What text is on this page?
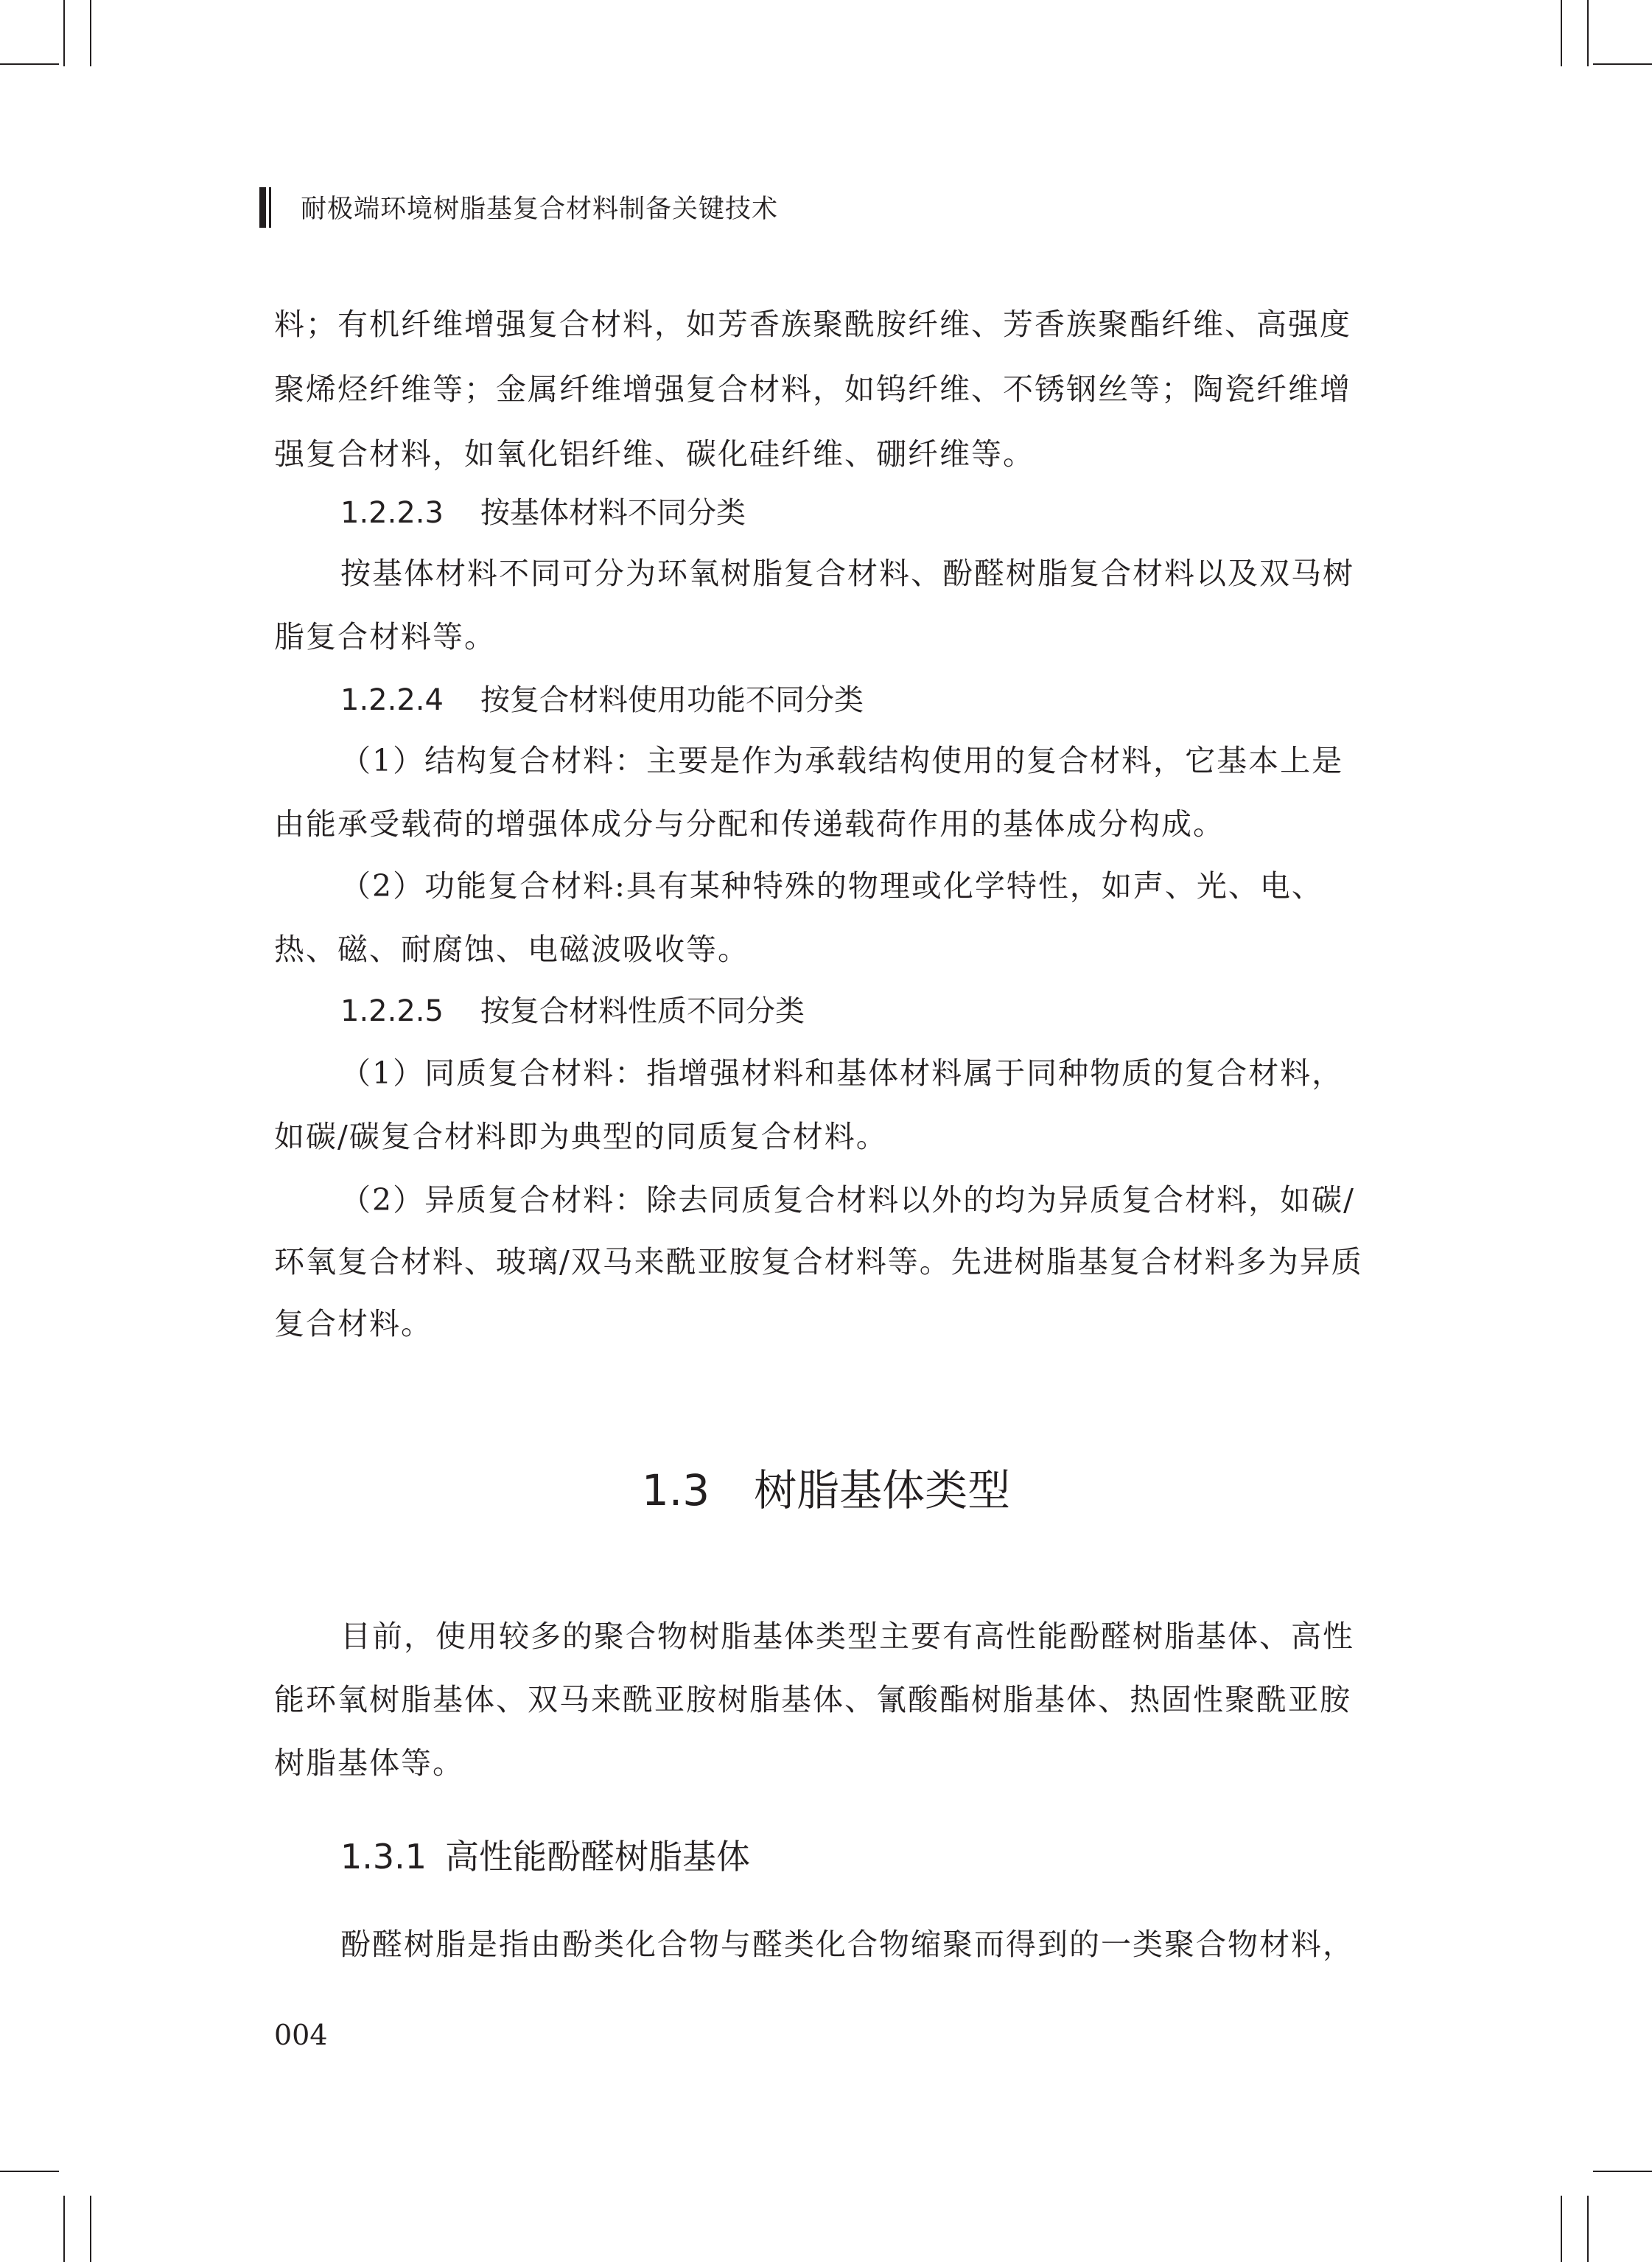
耐极端环境树脂基复合材料制备关键技术
料；有机纤维增强复合材料，如芳香族聚酰胺纤维、芳香族聚酯纤维、高强度
聚烯烃纤维等；金属纤维增强复合材料，如钨纤维、不锈钢丝等；陶瓷纤维增
强复合材料，如氧化铝纤维、碳化硅纤维、硼纤维等。
1.2.2.3 按基体材料不同分类
按基体材料不同可分为环氧树脂复合材料、酚醛树脂复合材料以及双马树
脂复合材料等。
1.2.2.4 按复合材料使用功能不同分类
（1）结构复合材料：主要是作为承载结构使用的复合材料，它基本上是
由能承受载荷的增强体成分与分配和传递载荷作用的基体成分构成。
（2）功能复合材料:具有某种特殊的物理或化学特性，如声、光、电、
热、磁、耐腐蚀、电磁波吸收等。
1.2.2.5 按复合材料性质不同分类
（1）同质复合材料：指增强材料和基体材料属于同种物质的复合材料，
如碳/碳复合材料即为典型的同质复合材料。
（2）异质复合材料：除去同质复合材料以外的均为异质复合材料，如碳/
环氧复合材料、玻璃/双马来酰亚胺复合材料等。先进树脂基复合材料多为异质
复合材料。
1.3 树脂基体类型
目前，使用较多的聚合物树脂基体类型主要有高性能酚醛树脂基体、高性
能环氧树脂基体、双马来酰亚胺树脂基体、氰酸酯树脂基体、热固性聚酰亚胺
树脂基体等。
1.3.1 高性能酚醛树脂基体
酚醛树脂是指由酚类化合物与醛类化合物缩聚而得到的一类聚合物材料，
004
